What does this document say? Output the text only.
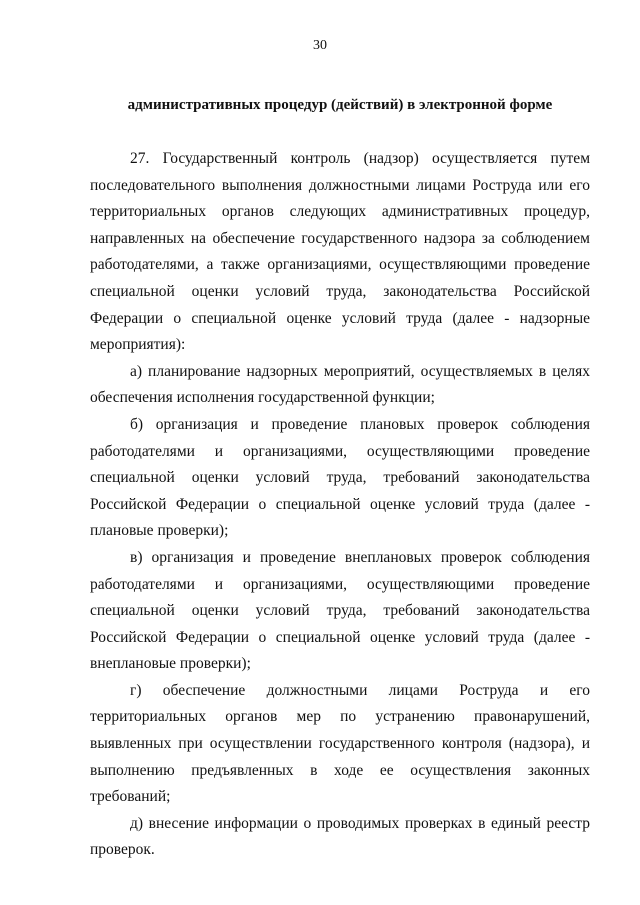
30
административных процедур (действий) в электронной форме

27. Государственный контроль (надзор) осуществляется путем последовательного выполнения должностными лицами Роструда или его территориальных органов следующих административных процедур, направленных на обеспечение государственного надзора за соблюдением работодателями, а также организациями, осуществляющими проведение специальной оценки условий труда, законодательства Российской Федерации о специальной оценке условий труда (далее - надзорные мероприятия):

а) планирование надзорных мероприятий, осуществляемых в целях обеспечения исполнения государственной функции;

б) организация и проведение плановых проверок соблюдения работодателями и организациями, осуществляющими проведение специальной оценки условий труда, требований законодательства Российской Федерации о специальной оценке условий труда (далее - плановые проверки);

в) организация и проведение внеплановых проверок соблюдения работодателями и организациями, осуществляющими проведение специальной оценки условий труда, требований законодательства Российской Федерации о специальной оценке условий труда (далее - внеплановые проверки);

г) обеспечение должностными лицами Роструда и его территориальных органов мер по устранению правонарушений, выявленных при осуществлении государственного контроля (надзора), и выполнению предъявленных в ходе ее осуществления законных требований;

д) внесение информации о проводимых проверках в единый реестр проверок.
